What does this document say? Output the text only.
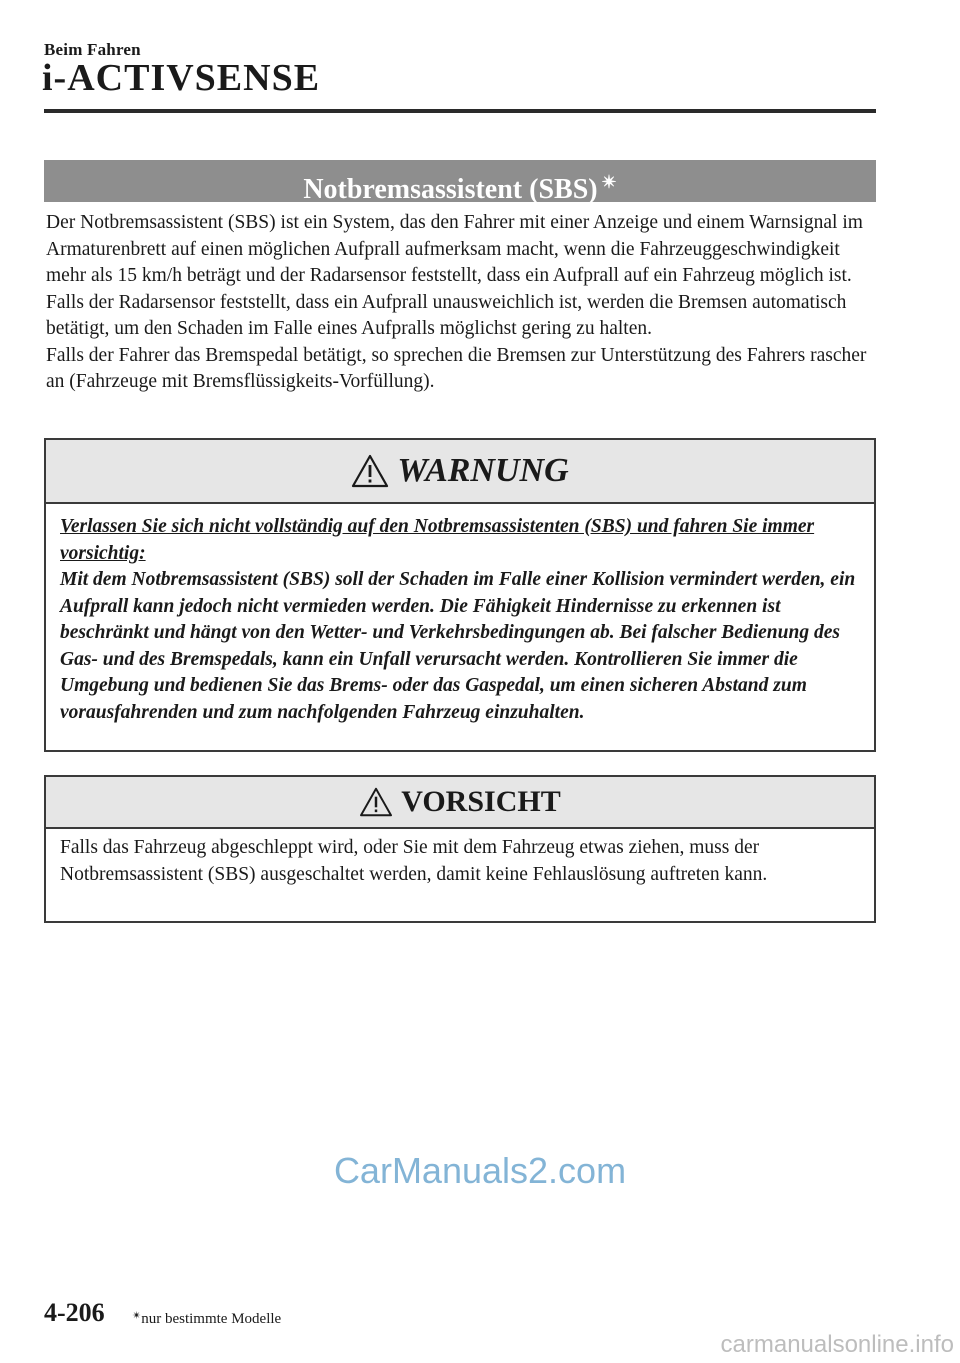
Beim Fahren
i-ACTIVSENSE
Notbremsassistent (SBS) ✴

Der Notbremsassistent (SBS) ist ein System, das den Fahrer mit einer Anzeige und einem Warnsignal im Armaturenbrett auf einen möglichen Aufprall aufmerksam macht, wenn die Fahrzeuggeschwindigkeit mehr als 15 km/h beträgt und der Radarsensor feststellt, dass ein Aufprall auf ein Fahrzeug möglich ist. Falls der Radarsensor feststellt, dass ein Aufprall unausweichlich ist, werden die Bremsen automatisch betätigt, um den Schaden im Falle eines Aufpralls möglichst gering zu halten.

Falls der Fahrer das Bremspedal betätigt, so sprechen die Bremsen zur Unterstützung des Fahrers rascher an (Fahrzeuge mit Bremsflüssigkeits-Vorfüllung).

WARNUNG
Verlassen Sie sich nicht vollständig auf den Notbremsassistenten (SBS) und fahren Sie immer vorsichtig:
Mit dem Notbremsassistent (SBS) soll der Schaden im Falle einer Kollision vermindert werden, ein Aufprall kann jedoch nicht vermieden werden. Die Fähigkeit Hindernisse zu erkennen ist beschränkt und hängt von den Wetter- und Verkehrsbedingungen ab. Bei falscher Bedienung des Gas- und des Bremspedals, kann ein Unfall verursacht werden. Kontrollieren Sie immer die Umgebung und bedienen Sie das Brems- oder das Gaspedal, um einen sicheren Abstand zum vorausfahrenden und zum nachfolgenden Fahrzeug einzuhalten.
VORSICHT
Falls das Fahrzeug abgeschleppt wird, oder Sie mit dem Fahrzeug etwas ziehen, muss der Notbremsassistent (SBS) ausgeschaltet werden, damit keine Fehlauslösung auftreten kann.
CarManuals2.com
4-206 ✴nur bestimmte Modelle
carmanualsonline.info
